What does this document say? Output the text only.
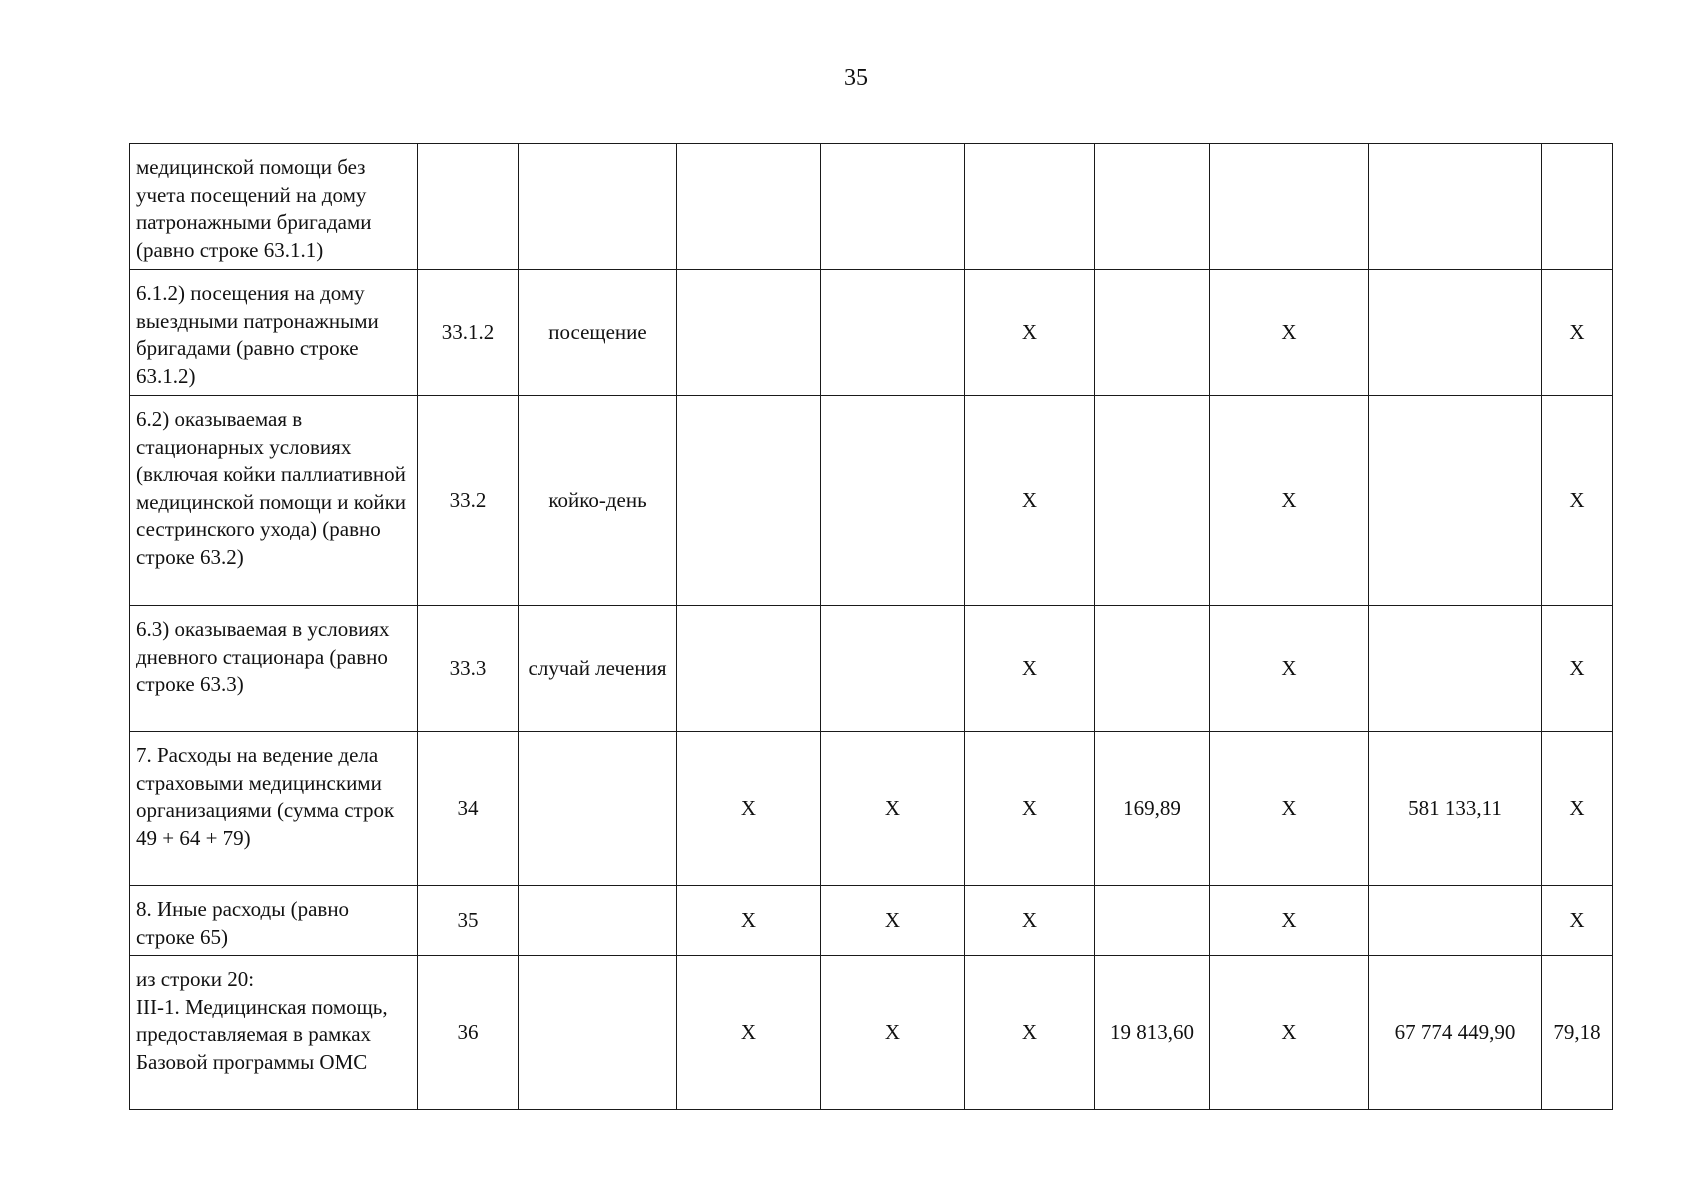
35
медицинской помощи без учета посещений на дому патронажными бригадами (равно строке 63.1.1)									
6.1.2) посещения на дому выездными патронажными бригадами (равно строке 63.1.2)	33.1.2	посещение			X		X		X
6.2) оказываемая в стационарных условиях (включая койки паллиативной медицинской помощи и койки сестринского ухода) (равно строке 63.2)	33.2	койко-день			X		X		X
6.3) оказываемая в условиях дневного стационара (равно строке 63.3)	33.3	случай лечения			X		X		X
7. Расходы на ведение дела страховыми медицинскими организациями (сумма строк 49 + 64 + 79)	34		X	X	X	169,89	X	581 133,11	X
8. Иные расходы (равно строке 65)	35		X	X	X		X		X
из строки 20:
III-1. Медицинская помощь, предоставляемая в рамках Базовой программы ОМС	36		X	X	X	19 813,60	X	67 774 449,90	79,18
